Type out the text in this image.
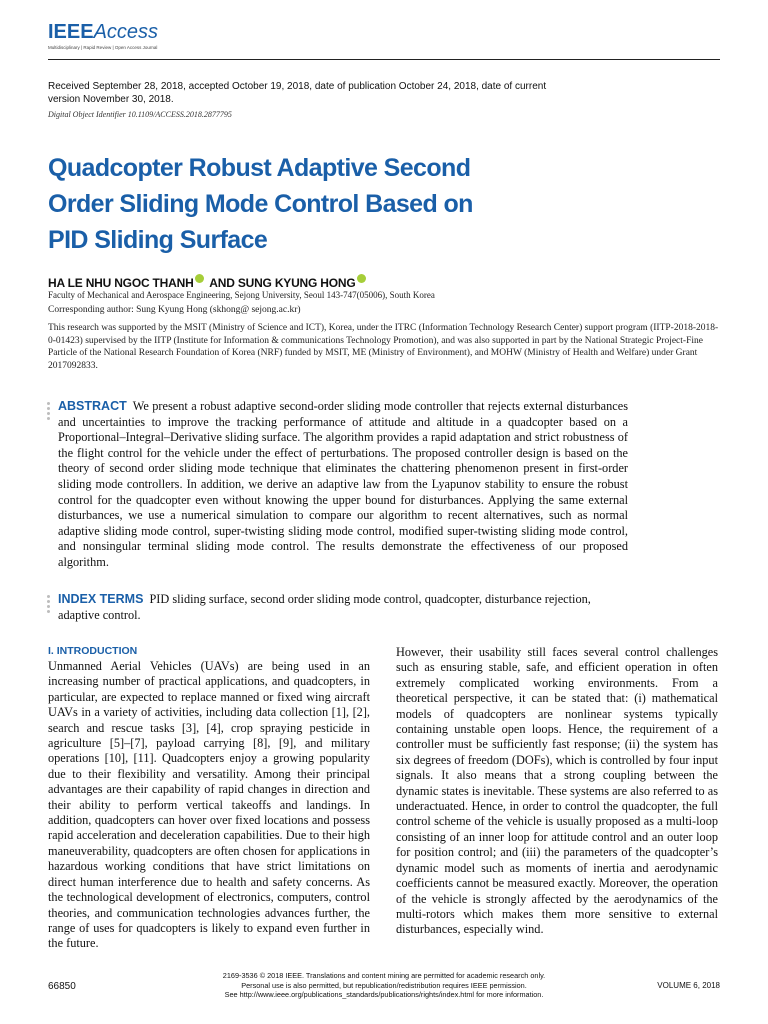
IEEEAccess
Multidisciplinary | Rapid Review | Open Access Journal
Received September 28, 2018, accepted October 19, 2018, date of publication October 24, 2018, date of current version November 30, 2018.
Digital Object Identifier 10.1109/ACCESS.2018.2877795
Quadcopter Robust Adaptive Second Order Sliding Mode Control Based on PID Sliding Surface
HA LE NHU NGOC THANH AND SUNG KYUNG HONG
Faculty of Mechanical and Aerospace Engineering, Sejong University, Seoul 143-747(05006), South Korea
Corresponding author: Sung Kyung Hong (skhong@ sejong.ac.kr)
This research was supported by the MSIT (Ministry of Science and ICT), Korea, under the ITRC (Information Technology Research Center) support program (IITP-2018-2018-0-01423) supervised by the IITP (Institute for Information & communications Technology Promotion), and was also supported in part by the National Strategic Project-Fine Particle of the National Research Foundation of Korea (NRF) funded by MSIT, ME (Ministry of Environment), and MOHW (Ministry of Health and Welfare) under Grant 2017092833.
ABSTRACT We present a robust adaptive second-order sliding mode controller that rejects external disturbances and uncertainties to improve the tracking performance of attitude and altitude in a quadcopter based on a Proportional–Integral–Derivative sliding surface. The algorithm provides a rapid adaptation and strict robustness of the flight control for the vehicle under the effect of perturbations. The proposed controller design is based on the theory of second order sliding mode technique that eliminates the chattering phenomenon present in first-order sliding mode controllers. In addition, we derive an adaptive law from the Lyapunov stability to ensure the robust control for the quadcopter even without knowing the upper bound for disturbances. Applying the same external disturbances, we use a numerical simulation to compare our algorithm to recent alternatives, such as normal adaptive sliding mode control, super-twisting sliding mode control, modified super-twisting sliding mode control, and nonsingular terminal sliding mode control. The results demonstrate the effectiveness of our proposed algorithm.
INDEX TERMS PID sliding surface, second order sliding mode control, quadcopter, disturbance rejection, adaptive control.
I. INTRODUCTION
Unmanned Aerial Vehicles (UAVs) are being used in an increasing number of practical applications, and quadcopters, in particular, are expected to replace manned or fixed wing aircraft UAVs in a variety of activities, including data collection [1], [2], search and rescue tasks [3], [4], crop spraying pesticide in agriculture [5]–[7], payload carrying [8], [9], and military operations [10], [11]. Quadcopters enjoy a growing popularity due to their flexibility and versatility. Among their principal advantages are their capability of rapid changes in direction and their ability to perform vertical takeoffs and landings. In addition, quadcopters can hover over fixed locations and possess rapid acceleration and deceleration capabilities. Due to their high maneuverability, quadcopters are often chosen for applications in hazardous working conditions that have strict limitations on direct human interference due to health and safety concerns. As the technological development of electronics, computers, control theories, and communication technologies advances further, the range of uses for quadcopters is likely to expand even further in the future.
However, their usability still faces several control challenges such as ensuring stable, safe, and efficient operation in often extremely complicated working environments. From a theoretical perspective, it can be stated that: (i) mathematical models of quadcopters are nonlinear systems typically containing unstable open loops. Hence, the requirement of a controller must be sufficiently fast response; (ii) the system has six degrees of freedom (DOFs), which is controlled by four input signals. It also means that a strong coupling between the dynamic states is inevitable. These systems are also referred to as underactuated. Hence, in order to control the quadcopter, the full control scheme of the vehicle is usually proposed as a multi-loop consisting of an inner loop for attitude control and an outer loop for position control; and (iii) the parameters of the quadcopter’s dynamic model such as moments of inertia and aerodynamic coefficients cannot be measured exactly. Moreover, the operation of the vehicle is strongly affected by the aerodynamics of the multi-rotors which makes them more sensitive to external disturbances, especially wind.
66850
2169-3536 © 2018 IEEE. Translations and content mining are permitted for academic research only.
Personal use is also permitted, but republication/redistribution requires IEEE permission.
See http://www.ieee.org/publications_standards/publications/rights/index.html for more information.
VOLUME 6, 2018
